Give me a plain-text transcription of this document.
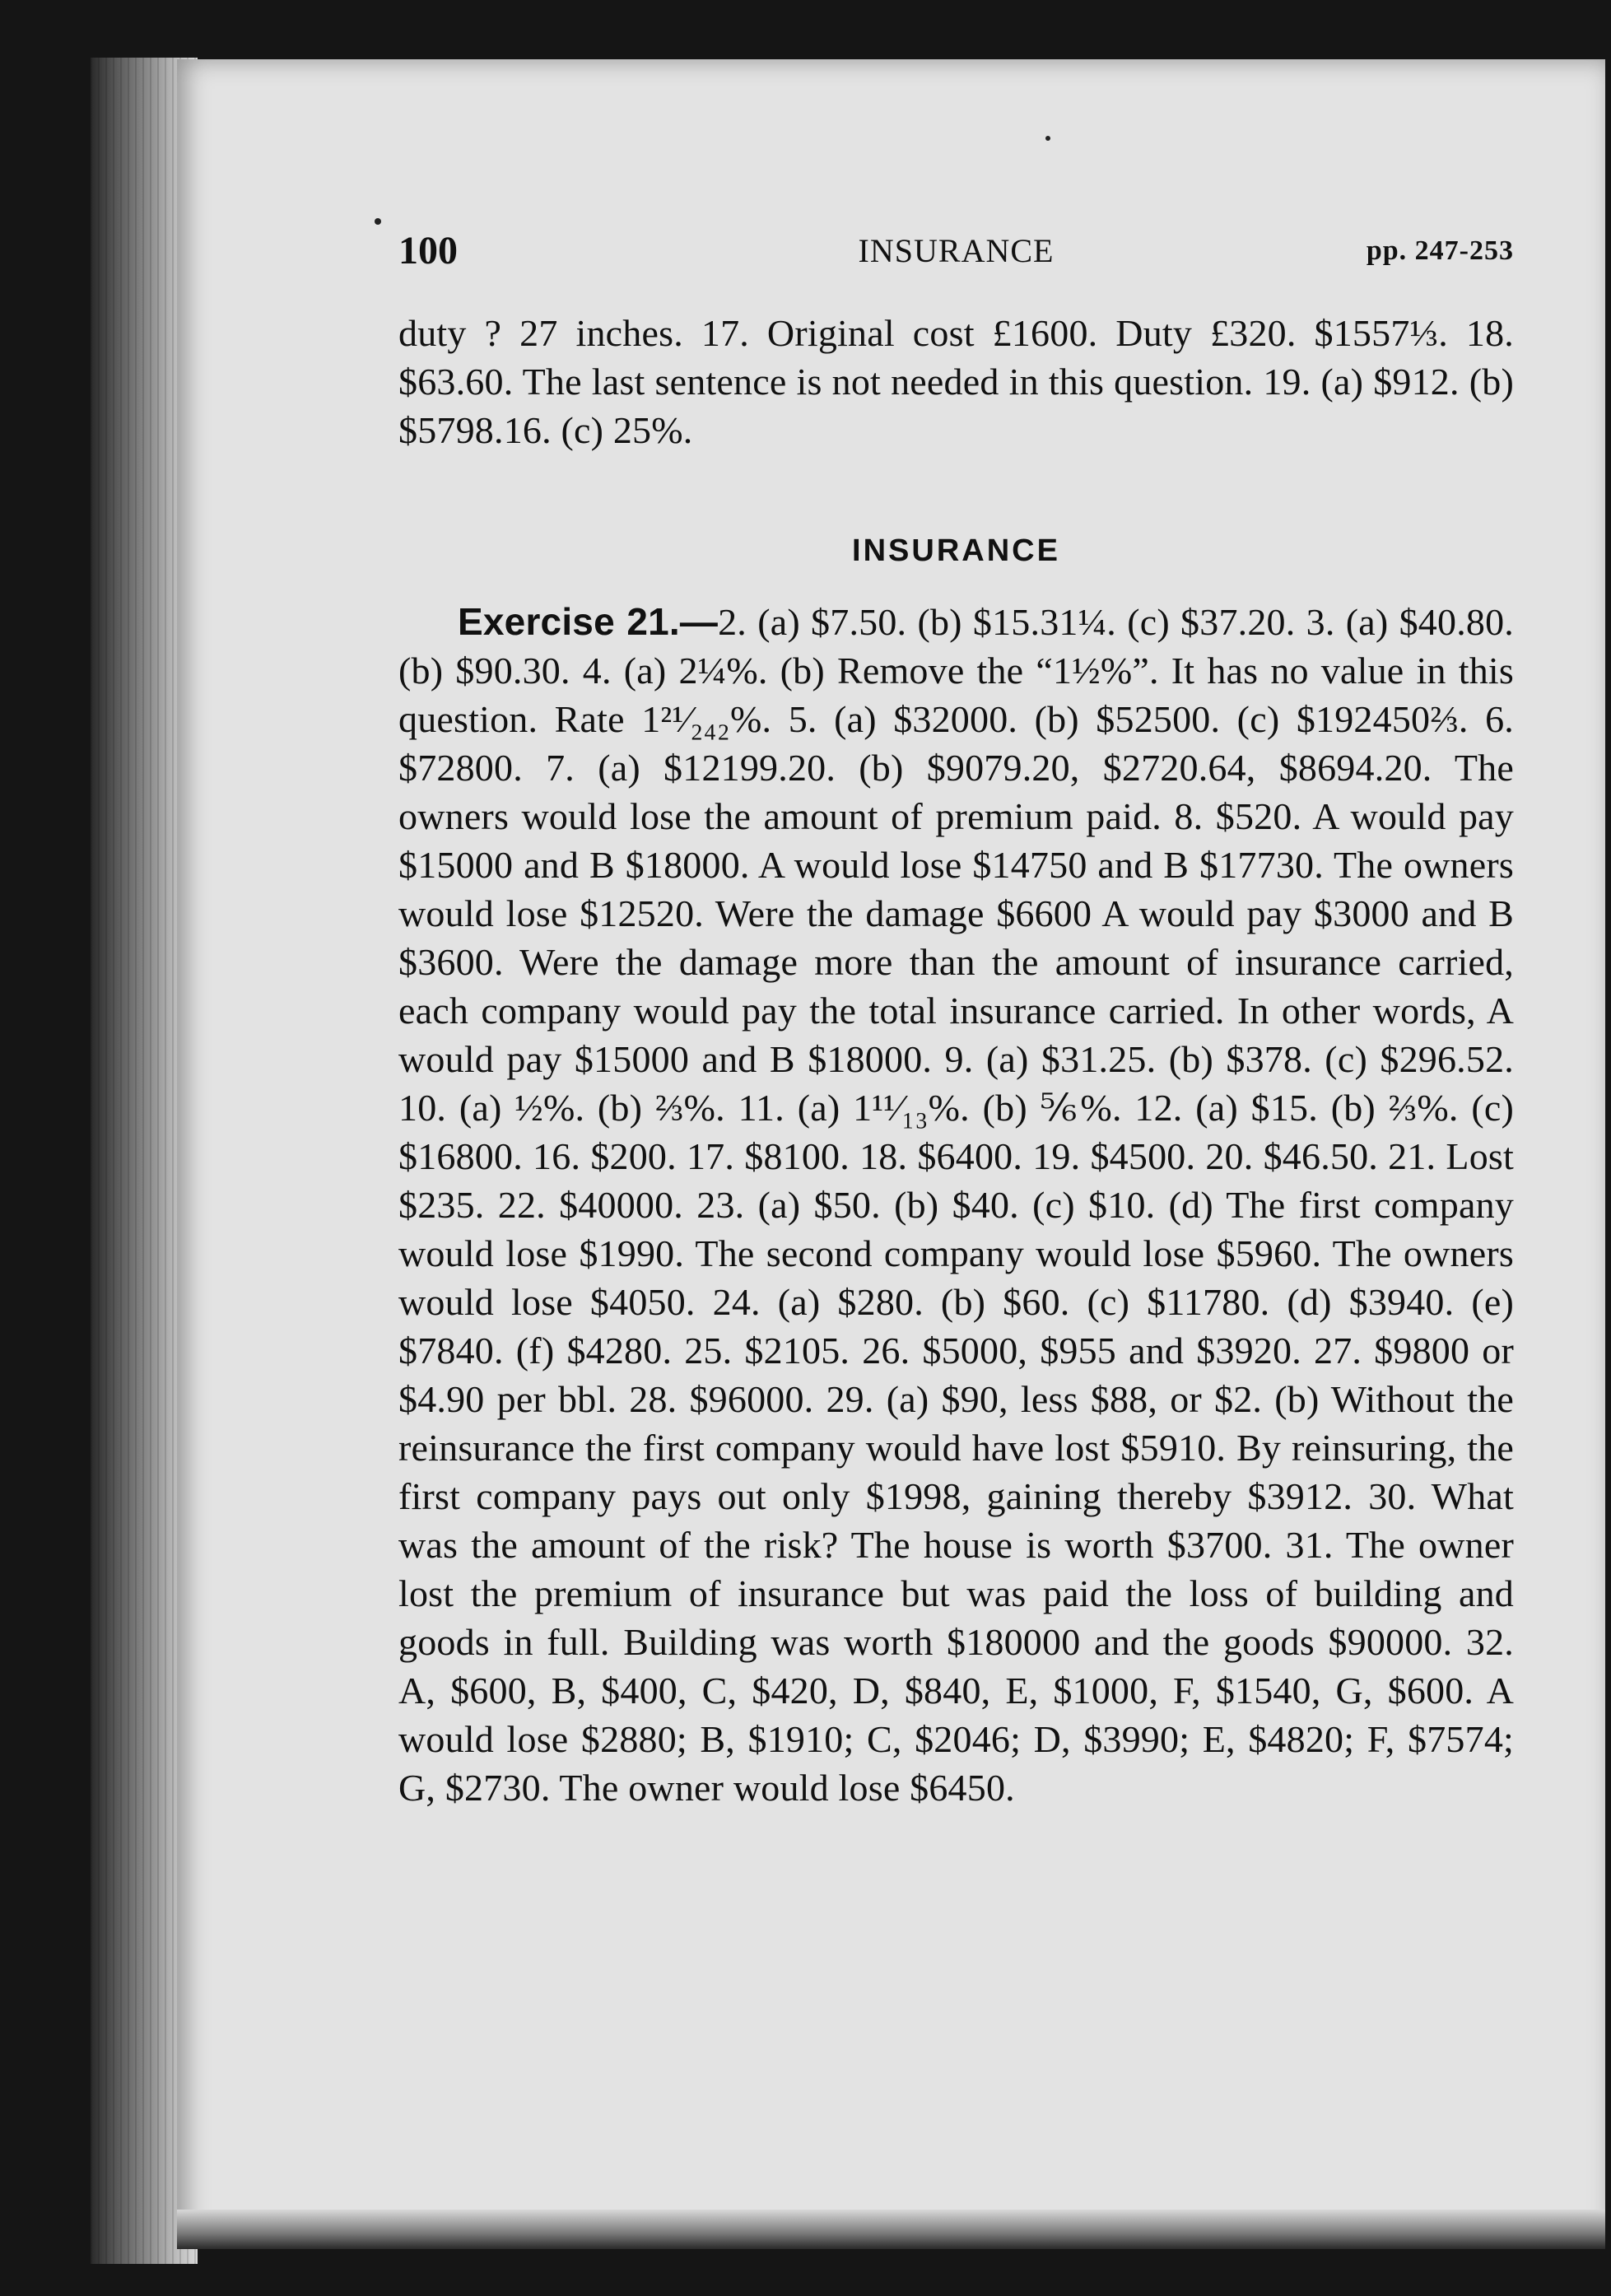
100	INSURANCE	pp. 247-253

duty ? 27 inches. 17. Original cost £1600. Duty £320. $1557⅓. 18. $63.60. The last sentence is not needed in this question. 19. (a) $912. (b) $5798.16. (c) 25%.

INSURANCE

Exercise 21.—2. (a) $7.50. (b) $15.31¼. (c) $37.20. 3. (a) $40.80. (b) $90.30. 4. (a) 2¼%. (b) Remove the “1½%”. It has no value in this question. Rate 1²¹⁄₂₄₂%. 5. (a) $32000. (b) $52500. (c) $192450⅔. 6. $72800. 7. (a) $12199.20. (b) $9079.20, $2720.64, $8694.20. The owners would lose the amount of premium paid. 8. $520. A would pay $15000 and B $18000. A would lose $14750 and B $17730. The owners would lose $12520. Were the damage $6600 A would pay $3000 and B $3600. Were the damage more than the amount of insurance carried, each company would pay the total insurance carried. In other words, A would pay $15000 and B $18000. 9. (a) $31.25. (b) $378. (c) $296.52. 10. (a) ½%. (b) ⅔%. 11. (a) 1¹¹⁄₁₃%. (b) ⅚%. 12. (a) $15. (b) ⅔%. (c) $16800. 16. $200. 17. $8100. 18. $6400. 19. $4500. 20. $46.50. 21. Lost $235. 22. $40000. 23. (a) $50. (b) $40. (c) $10. (d) The first company would lose $1990. The second company would lose $5960. The owners would lose $4050. 24. (a) $280. (b) $60. (c) $11780. (d) $3940. (e) $7840. (f) $4280. 25. $2105. 26. $5000, $955 and $3920. 27. $9800 or $4.90 per bbl. 28. $96000. 29. (a) $90, less $88, or $2. (b) Without the reinsurance the first company would have lost $5910. By reinsuring, the first company pays out only $1998, gaining thereby $3912. 30. What was the amount of the risk? The house is worth $3700. 31. The owner lost the premium of insurance but was paid the loss of building and goods in full. Building was worth $180000 and the goods $90000. 32. A, $600, B, $400, C, $420, D, $840, E, $1000, F, $1540, G, $600. A would lose $2880; B, $1910; C, $2046; D, $3990; E, $4820; F, $7574; G, $2730. The owner would lose $6450.
